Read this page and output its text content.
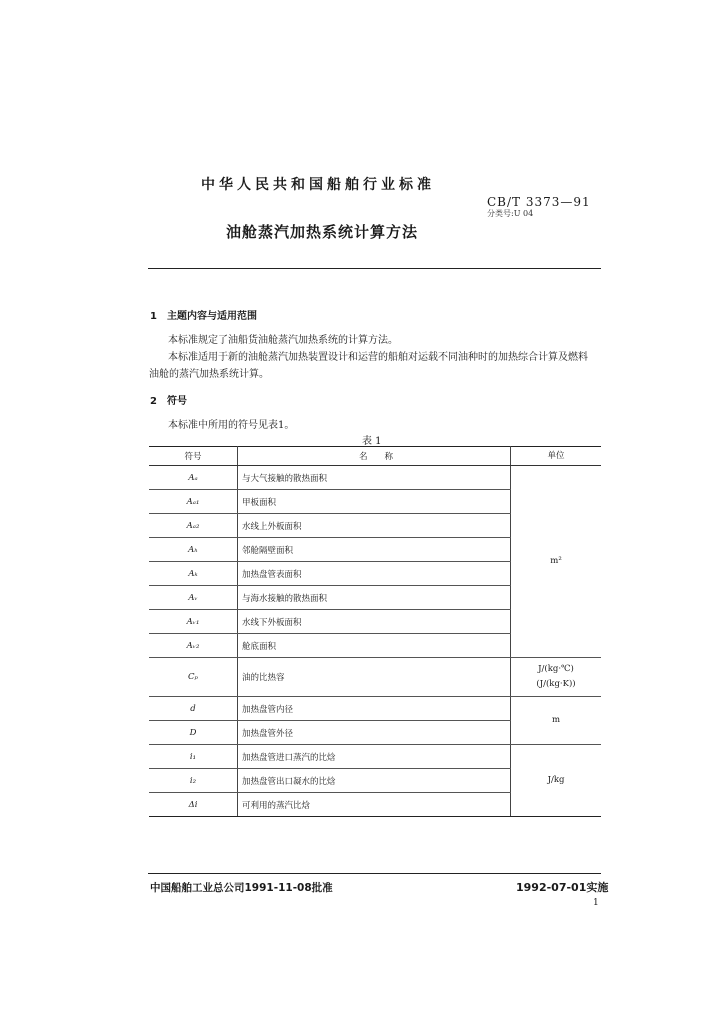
中华人民共和国船舶行业标准
CB/T 3373—91
分类号:U 04
油舱蒸汽加热系统计算方法
1　主题内容与适用范围
本标准规定了油船货油舱蒸汽加热系统的计算方法。
本标准适用于新的油舱蒸汽加热装置设计和运营的船舶对运载不同油种时的加热综合计算及燃料
油舱的蒸汽加热系统计算。
2　符号
本标准中所用的符号见表1。
表 1
符号	名　　称	单位
Aₐ	与大气接触的散热面积	m²

Aₐ₁	甲板面积	
Aₐ₂	水线上外板面积	
Aₕ	邻舱隔壁面积	
Aₖ	加热盘管表面积	
Aᵥ	与海水接触的散热面积	
Aᵥ₁	水线下外板面积	
Aᵥ₂	舱底面积	
Cₚ	油的比热容	J/(kg·℃)
(J/(kg·K))

d	加热盘管内径	m

D	加热盘管外径	
i₁	加热盘管进口蒸汽的比焓	J/kg

i₂	加热盘管出口凝水的比焓	
Δi	可利用的蒸汽比焓	
中国船舶工业总公司1991-11-08批准	1992-07-01实施
1
